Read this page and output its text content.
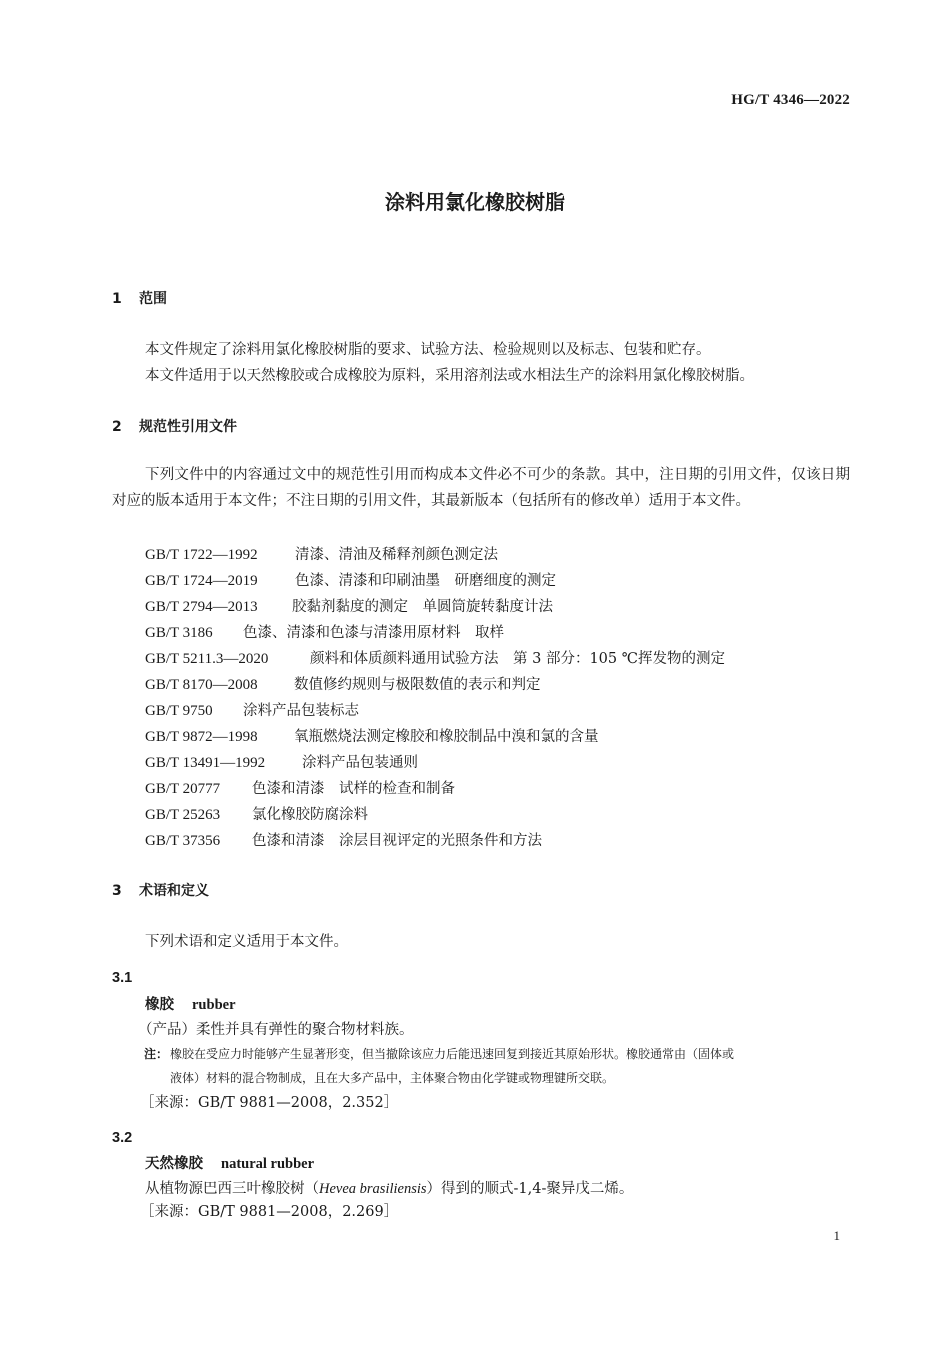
HG/T 4346—2022
涂料用氯化橡胶树脂
1 范围
本文件规定了涂料用氯化橡胶树脂的要求、试验方法、检验规则以及标志、包装和贮存。
本文件适用于以天然橡胶或合成橡胶为原料，采用溶剂法或水相法生产的涂料用氯化橡胶树脂。
2 规范性引用文件
下列文件中的内容通过文中的规范性引用而构成本文件必不可少的条款。其中，注日期的引用文件，仅该日期对应的版本适用于本文件；不注日期的引用文件，其最新版本（包括所有的修改单）适用于本文件。
GB/T 1722—1992	清漆、清油及稀释剂颜色测定法
GB/T 1724—2019	色漆、清漆和印刷油墨　研磨细度的测定
GB/T 2794—2013 胶黏剂黏度的测定　单圆筒旋转黏度计法
GB/T 3186 色漆、清漆和色漆与清漆用原材料　取样
GB/T 5211.3—2020	颜料和体质颜料通用试验方法　第 3 部分：105 ℃挥发物的测定
GB/T 8170—2008	数值修约规则与极限数值的表示和判定
GB/T 9750 涂料产品包装标志
GB/T 9872—1998	氧瓶燃烧法测定橡胶和橡胶制品中溴和氯的含量
GB/T 13491—1992	涂料产品包装通则
GB/T 20777 色漆和清漆　试样的检查和制备
GB/T 25263 氯化橡胶防腐涂料
GB/T 37356 色漆和清漆　涂层目视评定的光照条件和方法
3 术语和定义
下列术语和定义适用于本文件。
3.1
橡胶 rubber
（产品）柔性并具有弹性的聚合物材料族。
注： 橡胶在受应力时能够产生显著形变，但当撤除该应力后能迅速回复到接近其原始形状。橡胶通常由（固体或
液体）材料的混合物制成，且在大多产品中，主体聚合物由化学键或物理键所交联。
［来源：GB/T 9881—2008，2.352］
3.2
天然橡胶 natural rubber
从植物源巴西三叶橡胶树（Hevea brasiliensis）得到的顺式-1,4-聚异戊二烯。
［来源：GB/T 9881—2008，2.269］
1
